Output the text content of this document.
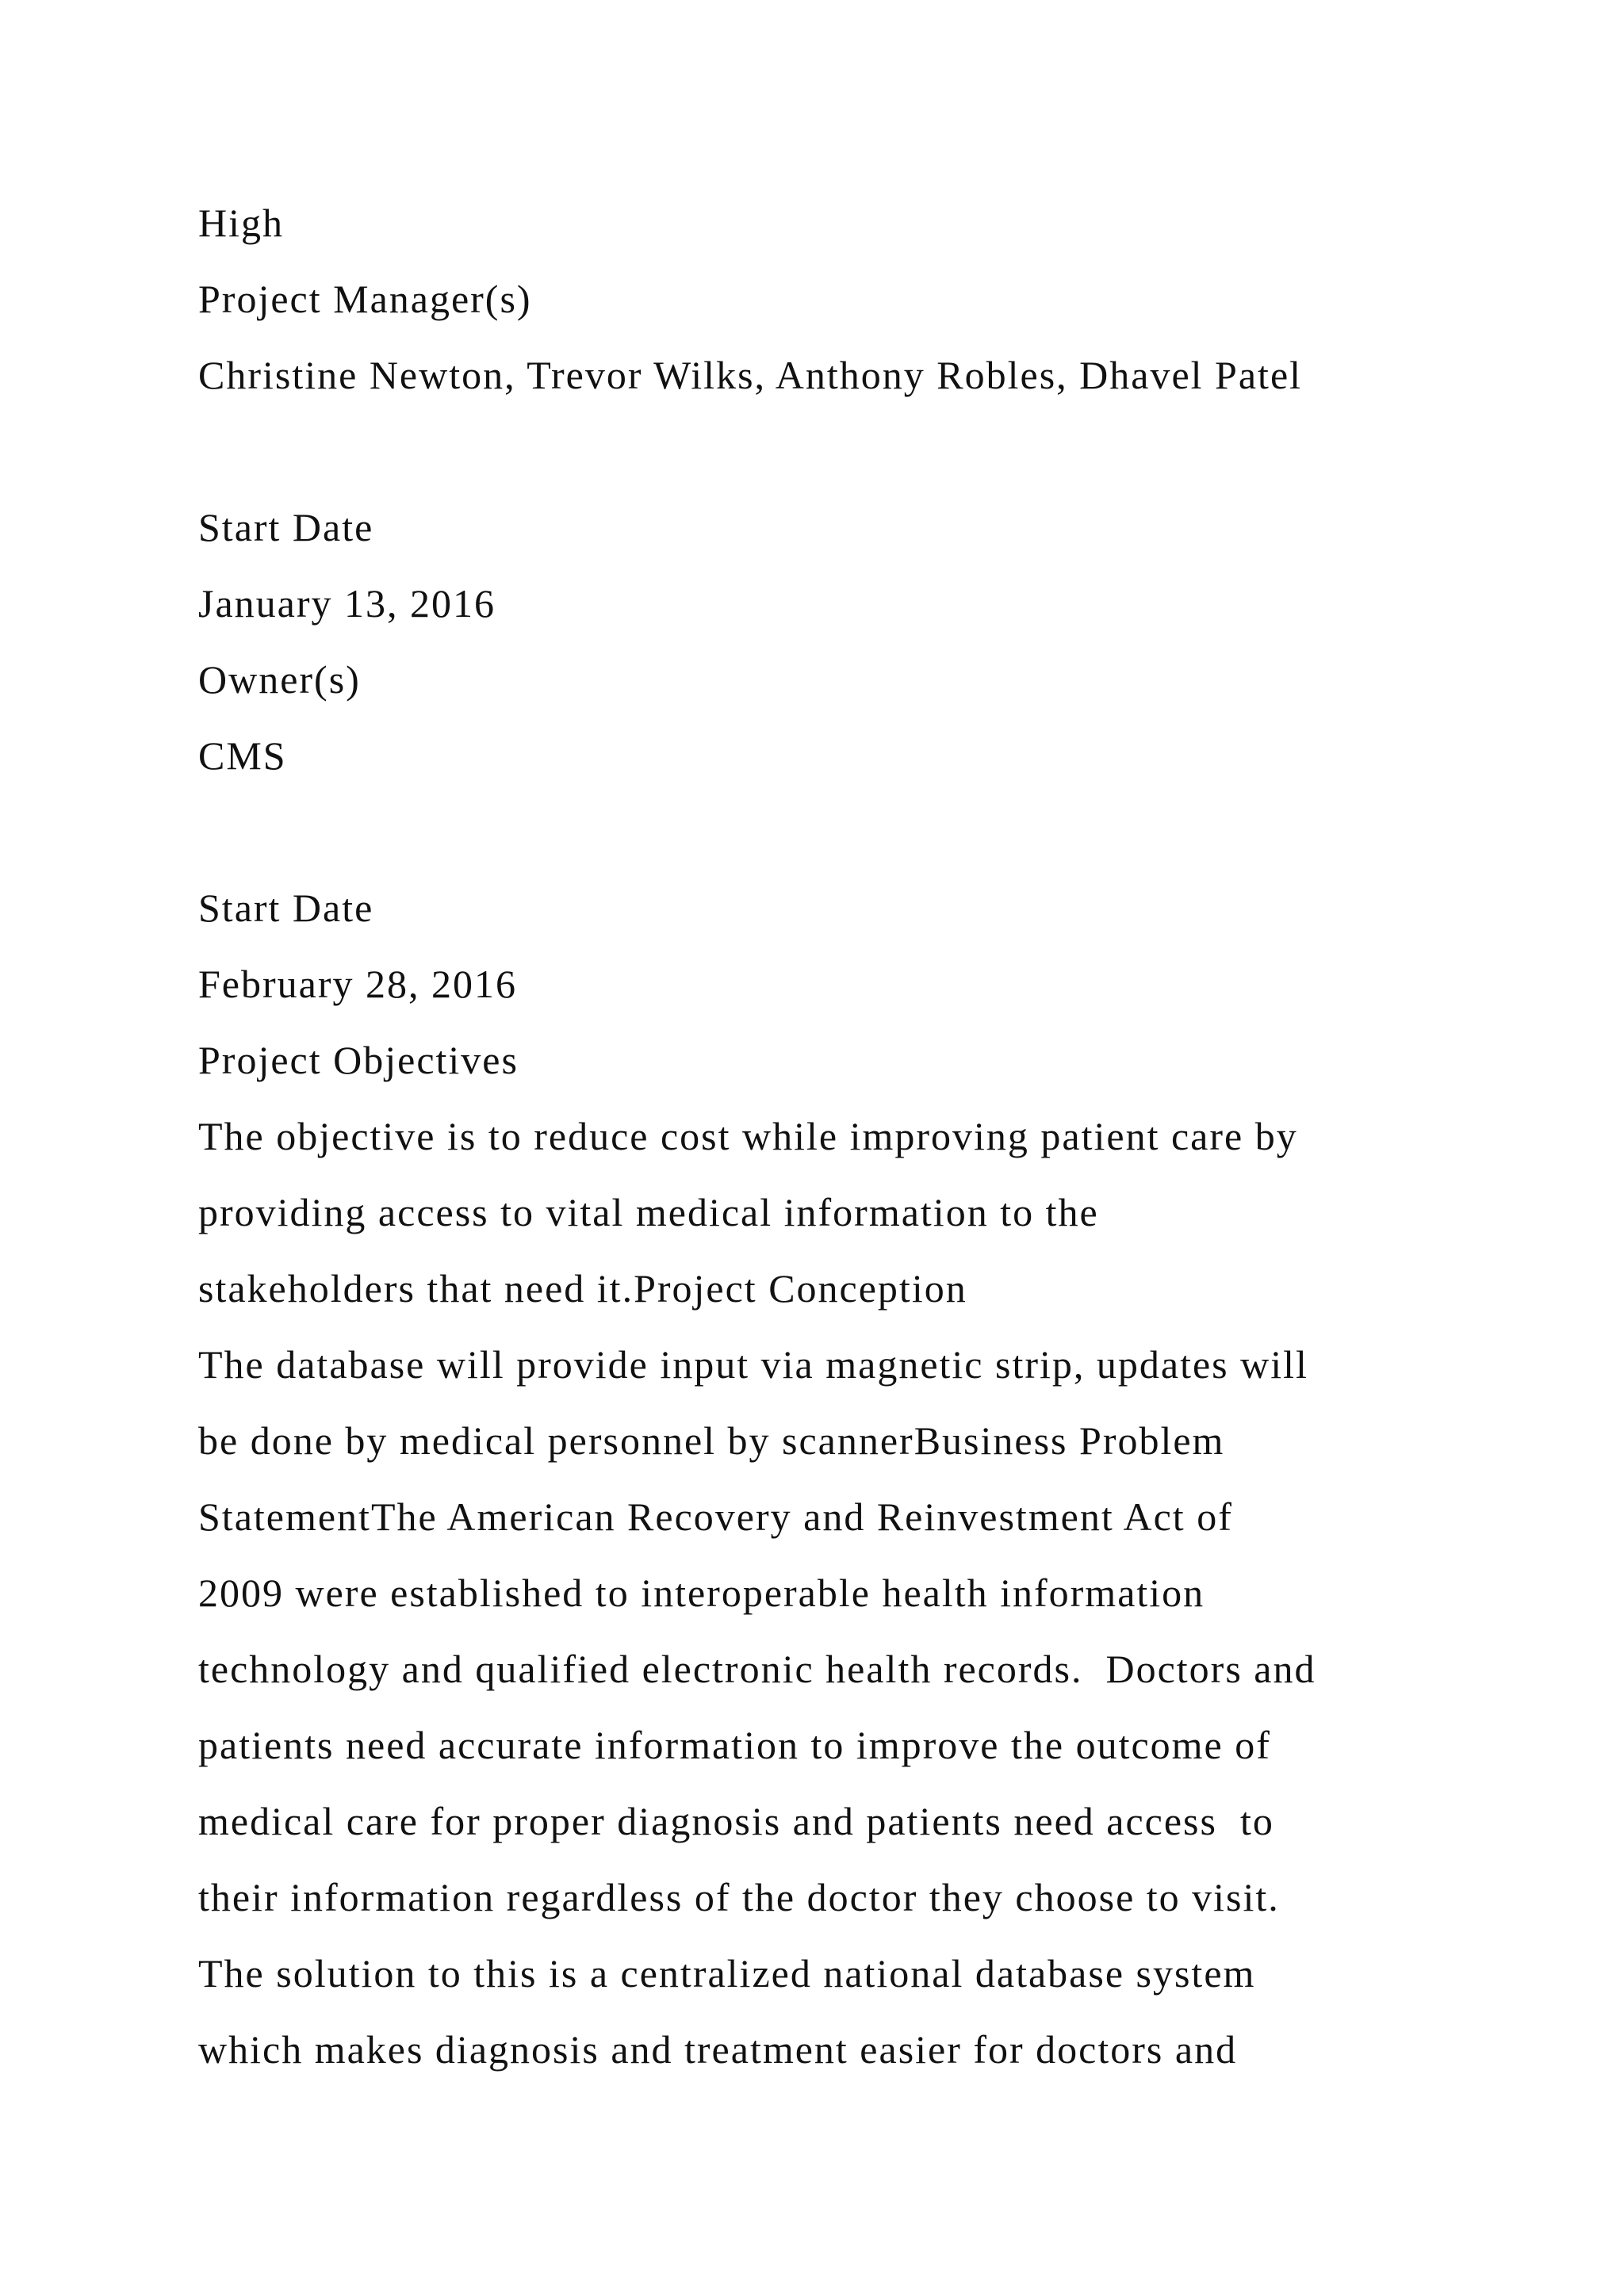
High
Project Manager(s)
Christine Newton, Trevor Wilks, Anthony Robles, Dhavel Patel
Start Date
January 13, 2016
Owner(s)
CMS
Start Date
February 28, 2016
Project Objectives
The objective is to reduce cost while improving patient care by
providing access to vital medical information to the
stakeholders that need it.Project Conception
The database will provide input via magnetic strip, updates will
be done by medical personnel by scannerBusiness Problem
StatementThe American Recovery and Reinvestment Act of
2009 were established to interoperable health information
technology and qualified electronic health records.  Doctors and
patients need accurate information to improve the outcome of
medical care for proper diagnosis and patients need access  to
their information regardless of the doctor they choose to visit.
The solution to this is a centralized national database system
which makes diagnosis and treatment easier for doctors and
